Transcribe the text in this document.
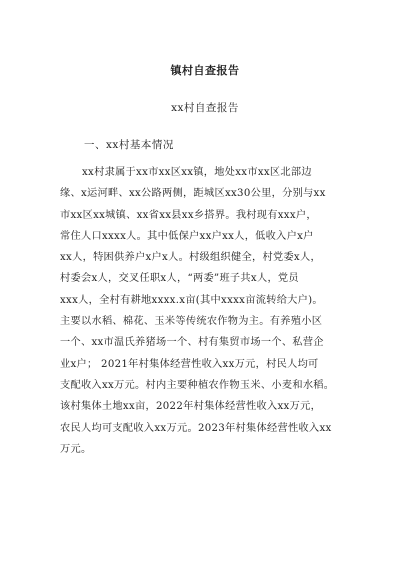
镇村自查报告
xx村自查报告
一、xx村基本情况
xx村隶属于xx市xx区xx镇，地处xx市xx区北部边
缘、x运河畔、xx公路两侧，距城区xx30公里，分别与xx
市xx区xx城镇、xx省xx县xx乡搭界。我村现有xxx户，
常住人口xxxx人。其中低保户xx户xx人，低收入户x户
xx人，特困供养户x户x人。村级组织健全，村党委x人，
村委会x人，交叉任职x人，“两委”班子共x人，党员
xxx人，全村有耕地xxxx.x亩(其中xxxx亩流转给大户)。
主要以水稻、棉花、玉米等传统农作物为主。有养殖小区
一个、xx市温氏养猪场一个、村有集贸市场一个、私营企
业x户； 2021年村集体经营性收入xx万元，村民人均可
支配收入xx万元。村内主要种植农作物玉米、小麦和水稻。
该村集体土地xx亩，2022年村集体经营性收入xx万元，
农民人均可支配收入xx万元。2023年村集体经营性收入xx
万元。
